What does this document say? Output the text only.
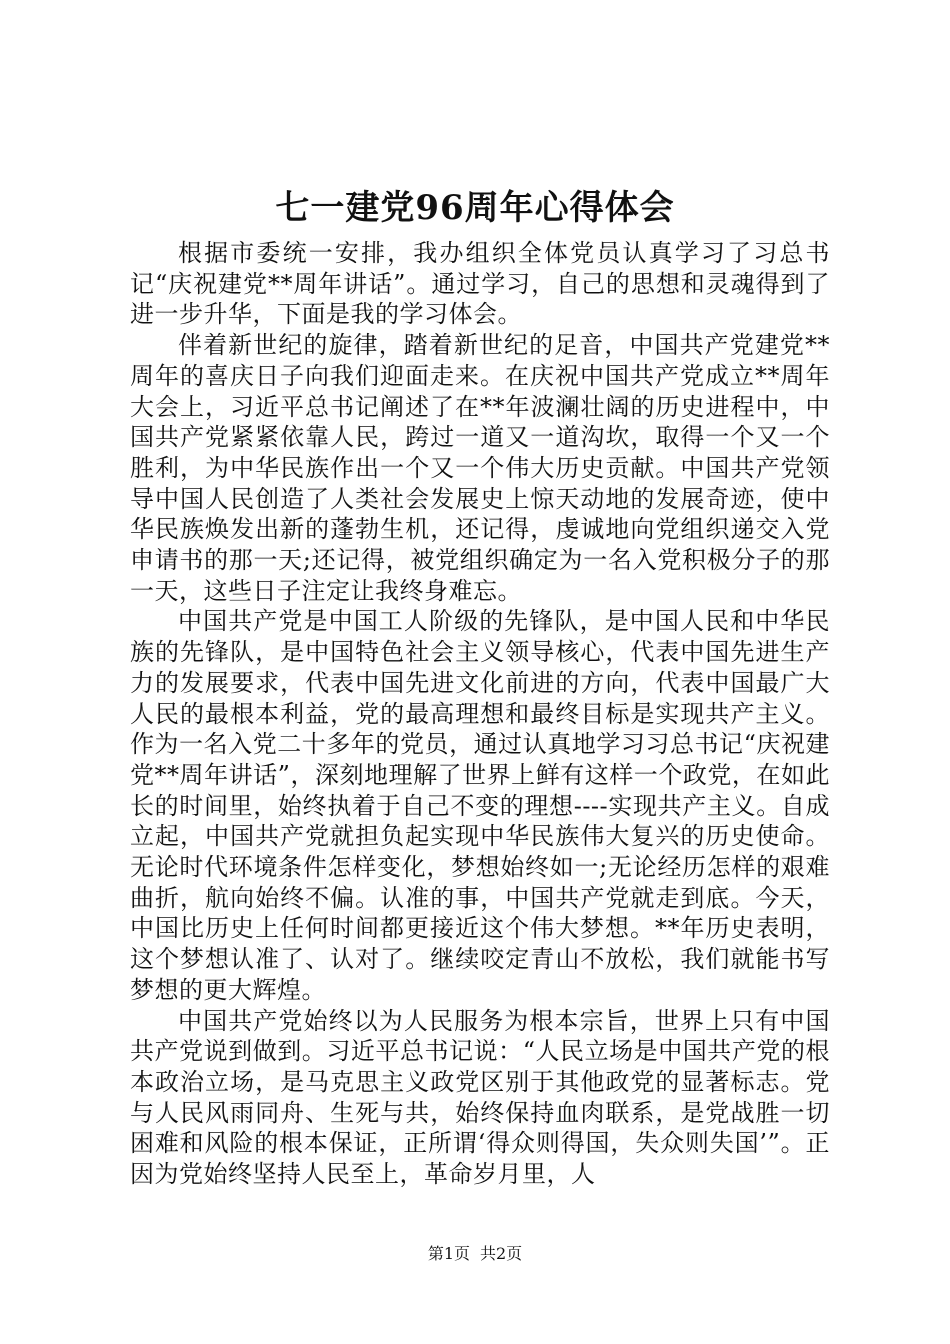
七一建党96周年心得体会

根据市委统一安排，我办组织全体党员认真学习了习总书记“庆祝建党**周年讲话”。通过学习，自己的思想和灵魂得到了进一步升华，下面是我的学习体会。

伴着新世纪的旋律，踏着新世纪的足音，中国共产党建党**周年的喜庆日子向我们迎面走来。在庆祝中国共产党成立**周年大会上，习近平总书记阐述了在**年波澜壮阔的历史进程中，中国共产党紧紧依靠人民，跨过一道又一道沟坎，取得一个又一个胜利，为中华民族作出一个又一个伟大历史贡献。中国共产党领导中国人民创造了人类社会发展史上惊天动地的发展奇迹，使中华民族焕发出新的蓬勃生机，还记得，虔诚地向党组织递交入党申请书的那一天;还记得，被党组织确定为一名入党积极分子的那一天，这些日子注定让我终身难忘。

中国共产党是中国工人阶级的先锋队，是中国人民和中华民族的先锋队，是中国特色社会主义领导核心，代表中国先进生产力的发展要求，代表中国先进文化前进的方向，代表中国最广大人民的最根本利益，党的最高理想和最终目标是实现共产主义。作为一名入党二十多年的党员，通过认真地学习习总书记“庆祝建党**周年讲话”，深刻地理解了世界上鲜有这样一个政党，在如此长的时间里，始终执着于自己不变的理想----实现共产主义。自成立起，中国共产党就担负起实现中华民族伟大复兴的历史使命。无论时代环境条件怎样变化，梦想始终如一;无论经历怎样的艰难曲折，航向始终不偏。认准的事，中国共产党就走到底。今天，中国比历史上任何时间都更接近这个伟大梦想。**年历史表明，这个梦想认准了、认对了。继续咬定青山不放松，我们就能书写梦想的更大辉煌。

中国共产党始终以为人民服务为根本宗旨，世界上只有中国共产党说到做到。习近平总书记说：“人民立场是中国共产党的根本政治立场，是马克思主义政党区别于其他政党的显著标志。党与人民风雨同舟、生死与共，始终保持血肉联系，是党战胜一切困难和风险的根本保证，正所谓‘得众则得国，失众则失国’”。正因为党始终坚持人民至上，革命岁月里，人

第1页 共2页
